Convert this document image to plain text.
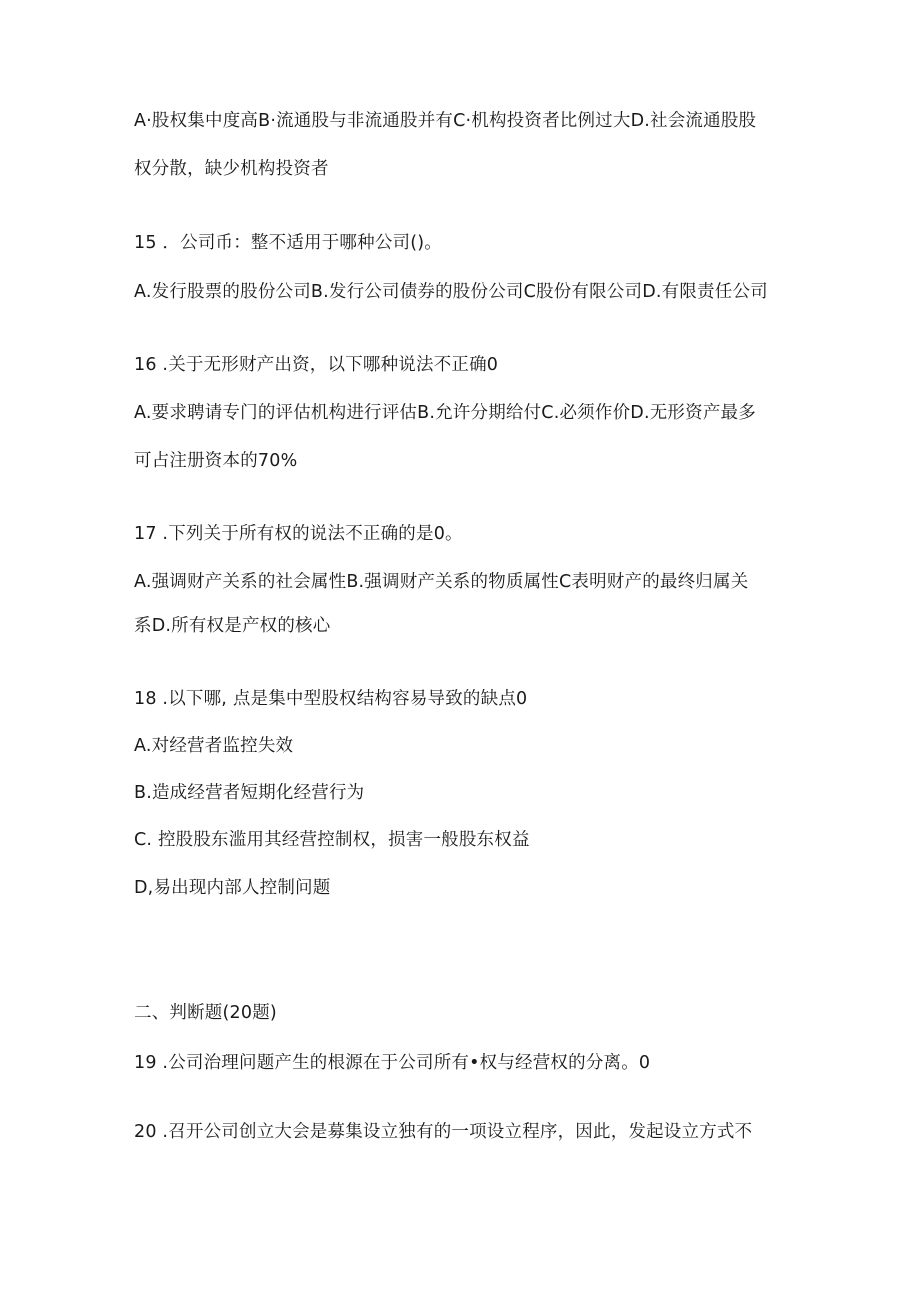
A·股权集中度高B·流通股与非流通股并有C·机构投资者比例过大D.社会流通股股
权分散，缺少机构投资者
15 ．公司币：整不适用于哪种公司()。
A.发行股票的股份公司B.发行公司债券的股份公司C股份有限公司D.有限责任公司
16 .关于无形财产出资，以下哪种说法不正确0
A.要求聘请专门的评估机构进行评估B.允许分期给付C.必须作价D.无形资产最多
可占注册资本的70%
17 .下列关于所有权的说法不正确的是0。
A.强调财产关系的社会属性B.强调财产关系的物质属性C表明财产的最终归属关
系D.所有权是产权的核心
18 .以下哪, 点是集中型股权结构容易导致的缺点0
A.对经营者监控失效
B.造成经营者短期化经营行为
C. 控股股东滥用其经营控制权，损害一般股东权益
D,易出现内部人控制问题
二、判断题(20题)
19 .公司治理问题产生的根源在于公司所有•权与经营权的分离。0
20 .召开公司创立大会是募集设立独有的一项设立程序，因此，发起设立方式不
